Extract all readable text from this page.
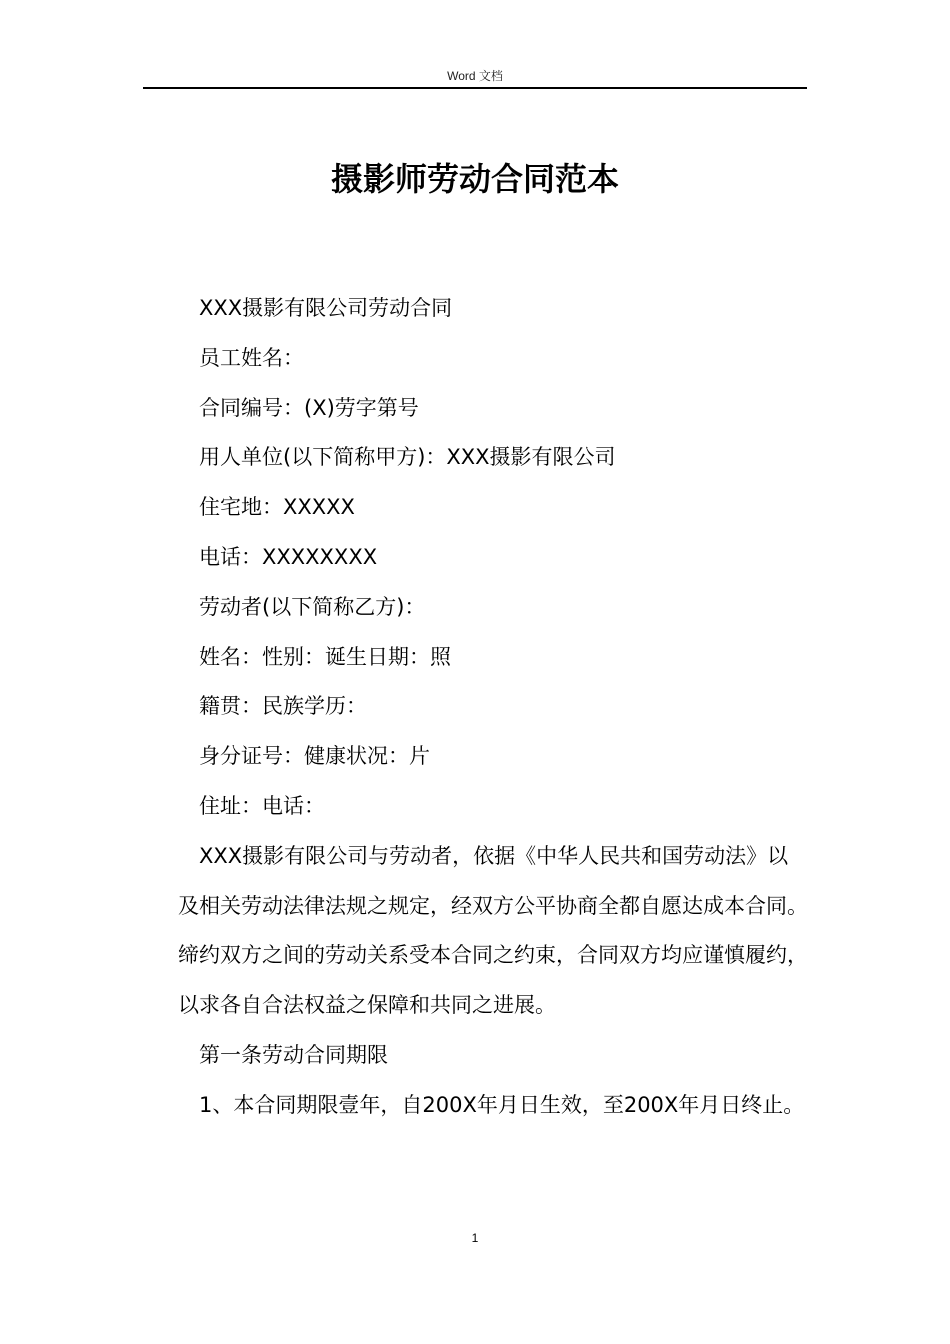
Word 文档
摄影师劳动合同范本

XXX摄影有限公司劳动合同

员工姓名：

合同编号：(X)劳字第号

用人单位(以下简称甲方)：XXX摄影有限公司

住宅地：XXXXX

电话：XXXXXXXX

劳动者(以下简称乙方)：

姓名：性别：诞生日期：照

籍贯：民族学历：

身分证号：健康状况：片

住址：电话：

XXX摄影有限公司与劳动者，依据《中华人民共和国劳动法》以及相关劳动法律法规之规定，经双方公平协商全都自愿达成本合同。缔约双方之间的劳动关系受本合同之约束，合同双方均应谨慎履约，以求各自合法权益之保障和共同之进展。

第一条劳动合同期限

1、本合同期限壹年，自200X年月日生效，至200X年月日终止。

1
